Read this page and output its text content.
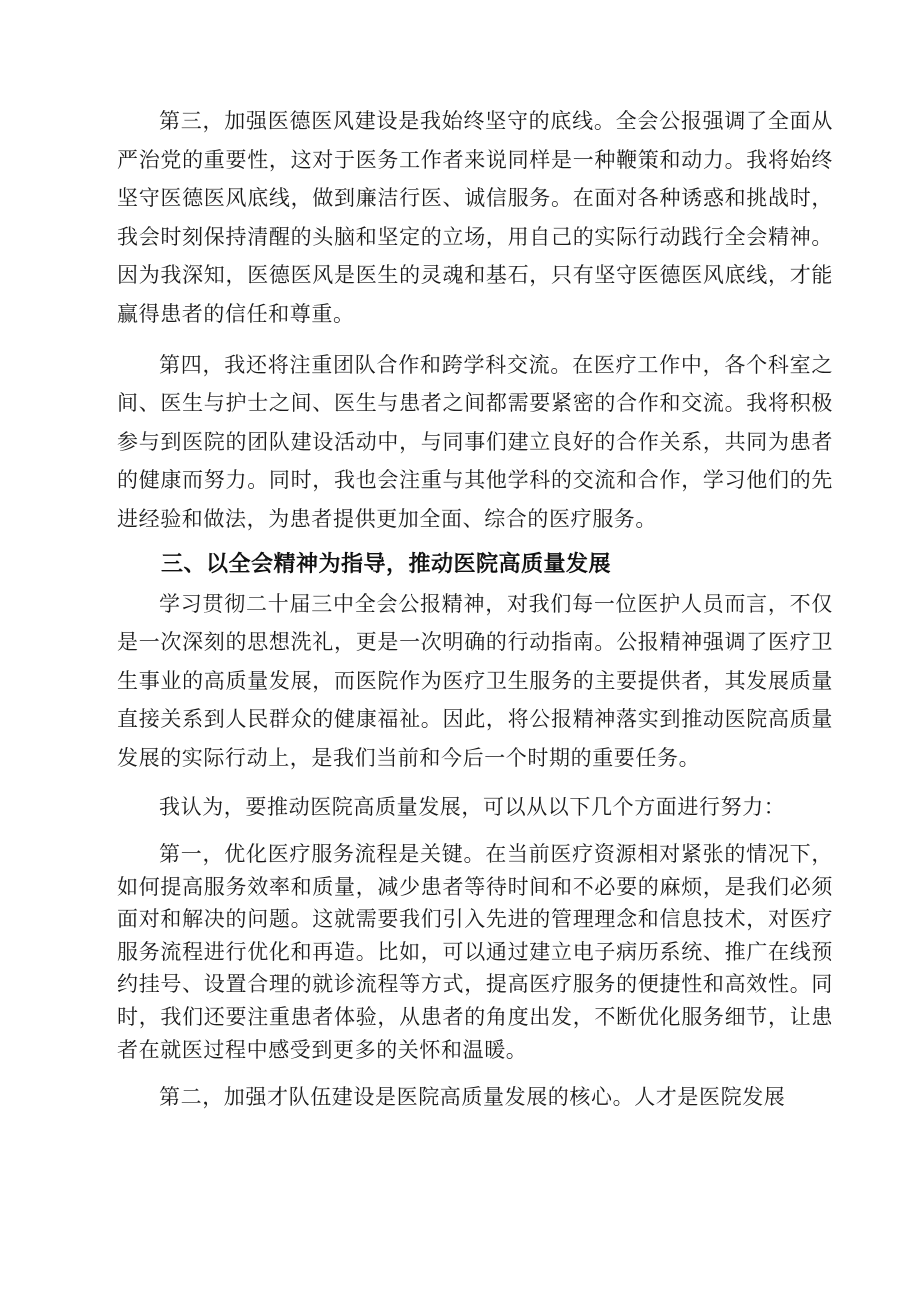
第三，加强医德医风建设是我始终坚守的底线。全会公报强调了全面从严治党的重要性，这对于医务工作者来说同样是一种鞭策和动力。我将始终坚守医德医风底线，做到廉洁行医、诚信服务。在面对各种诱惑和挑战时，我会时刻保持清醒的头脑和坚定的立场，用自己的实际行动践行全会精神。因为我深知，医德医风是医生的灵魂和基石，只有坚守医德医风底线，才能赢得患者的信任和尊重。

第四，我还将注重团队合作和跨学科交流。在医疗工作中，各个科室之间、医生与护士之间、医生与患者之间都需要紧密的合作和交流。我将积极参与到医院的团队建设活动中，与同事们建立良好的合作关系，共同为患者的健康而努力。同时，我也会注重与其他学科的交流和合作，学习他们的先进经验和做法，为患者提供更加全面、综合的医疗服务。

三、以全会精神为指导，推动医院高质量发展

学习贯彻二十届三中全会公报精神，对我们每一位医护人员而言，不仅是一次深刻的思想洗礼，更是一次明确的行动指南。公报精神强调了医疗卫生事业的高质量发展，而医院作为医疗卫生服务的主要提供者，其发展质量直接关系到人民群众的健康福祉。因此，将公报精神落实到推动医院高质量发展的实际行动上，是我们当前和今后一个时期的重要任务。

我认为，要推动医院高质量发展，可以从以下几个方面进行努力：

第一，优化医疗服务流程是关键。在当前医疗资源相对紧张的情况下，如何提高服务效率和质量，减少患者等待时间和不必要的麻烦，是我们必须面对和解决的问题。这就需要我们引入先进的管理理念和信息技术，对医疗服务流程进行优化和再造。比如，可以通过建立电子病历系统、推广在线预约挂号、设置合理的就诊流程等方式，提高医疗服务的便捷性和高效性。同时，我们还要注重患者体验，从患者的角度出发，不断优化服务细节，让患者在就医过程中感受到更多的关怀和温暖。

第二，加强才队伍建设是医院高质量发展的核心。人才是医院发展
